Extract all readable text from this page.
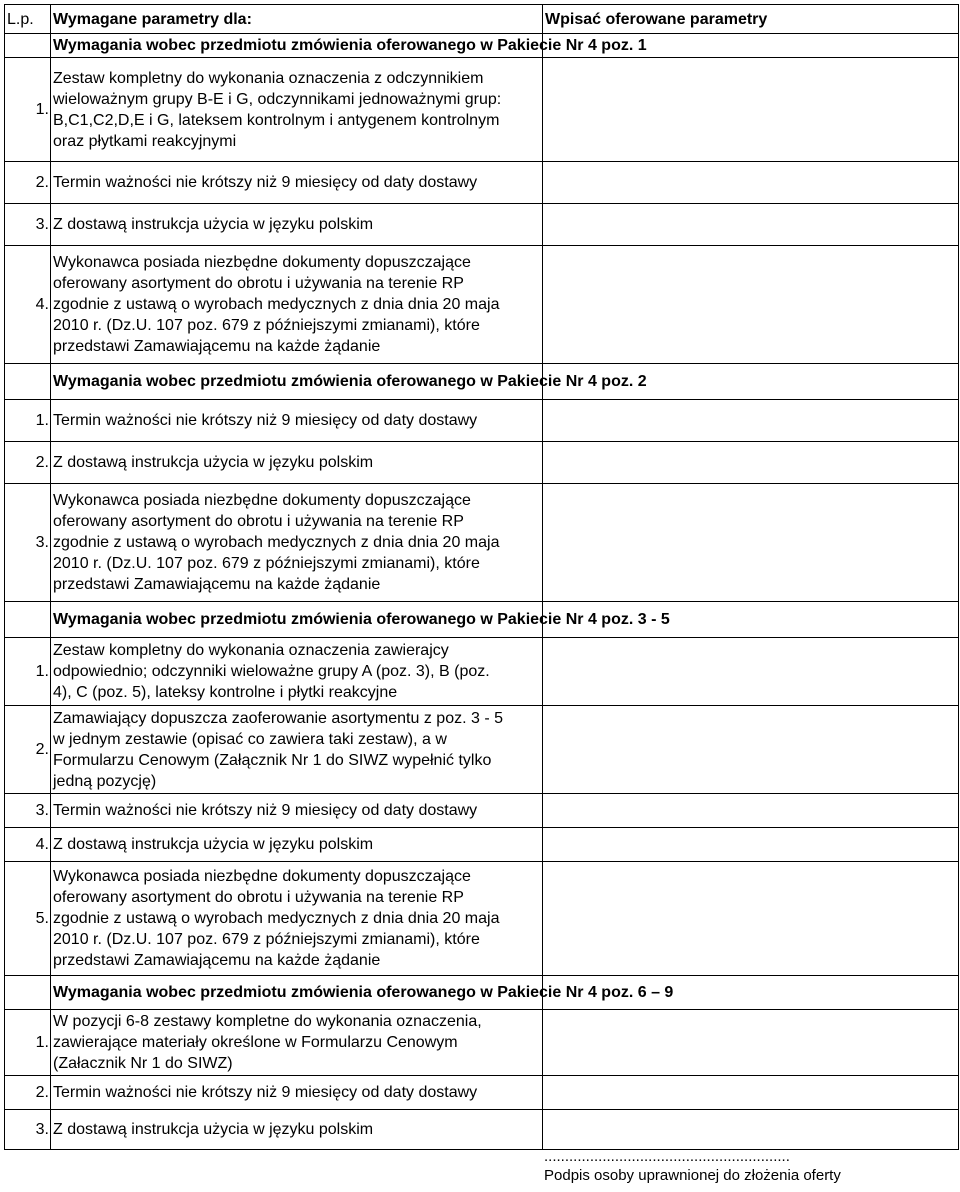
L.p.	Wymagane parametry dla:	Wpisać oferowane parametry
	Wymagania wobec przedmiotu zmówienia oferowanego w Pakiecie Nr 4 poz. 1	
1.	Zestaw kompletny do wykonania oznaczenia z odczynnikiem
wieloważnym grupy B-E i G, odczynnikami jednoważnymi grup:
B,C1,C2,D,E i G, lateksem kontrolnym i antygenem kontrolnym
oraz płytkami reakcyjnymi	

2.	Termin ważności nie krótszy niż 9 miesięcy od daty dostawy	
3.	Z dostawą instrukcja użycia w języku polskim	
4.	Wykonawca posiada niezbędne dokumenty dopuszczające
oferowany asortyment do obrotu i używania na terenie RP
zgodnie z ustawą o wyrobach medycznych z dnia dnia 20 maja
2010 r. (Dz.U. 107 poz. 679 z późniejszymi zmianami), które
przedstawi Zamawiającemu na każde żądanie	

	Wymagania wobec przedmiotu zmówienia oferowanego w Pakiecie Nr 4 poz. 2	
1.	Termin ważności nie krótszy niż 9 miesięcy od daty dostawy	
2.	Z dostawą instrukcja użycia w języku polskim	
3.	Wykonawca posiada niezbędne dokumenty dopuszczające
oferowany asortyment do obrotu i używania na terenie RP
zgodnie z ustawą o wyrobach medycznych z dnia dnia 20 maja
2010 r. (Dz.U. 107 poz. 679 z późniejszymi zmianami), które
przedstawi Zamawiającemu na każde żądanie	

	Wymagania wobec przedmiotu zmówienia oferowanego w Pakiecie Nr 4 poz. 3 - 5	
1.	Zestaw kompletny do wykonania oznaczenia zawierajcy
odpowiednio; odczynniki wieloważne grupy A (poz. 3), B (poz.
4), C (poz. 5), lateksy kontrolne i płytki reakcyjne	

2.	Zamawiający dopuszcza zaoferowanie asortymentu z poz. 3 - 5
w jednym zestawie (opisać co zawiera taki zestaw), a w
Formularzu Cenowym (Załącznik Nr 1 do SIWZ wypełnić tylko
jedną pozycję)	

3.	Termin ważności nie krótszy niż 9 miesięcy od daty dostawy	
4.	Z dostawą instrukcja użycia w języku polskim	
5.	Wykonawca posiada niezbędne dokumenty dopuszczające
oferowany asortyment do obrotu i używania na terenie RP
zgodnie z ustawą o wyrobach medycznych z dnia dnia 20 maja
2010 r. (Dz.U. 107 poz. 679 z późniejszymi zmianami), które
przedstawi Zamawiającemu na każde żądanie	

	Wymagania wobec przedmiotu zmówienia oferowanego w Pakiecie Nr 4 poz. 6 – 9	
1.	W pozycji 6-8 zestawy kompletne do wykonania oznaczenia,
zawierające materiały określone w Formularzu Cenowym
(Załacznik Nr 1 do SIWZ)	

2.	Termin ważności nie krótszy niż 9 miesięcy od daty dostawy	
3.	Z dostawą instrukcja użycia w języku polskim	
...........................................................
Podpis osoby uprawnionej do złożenia oferty
